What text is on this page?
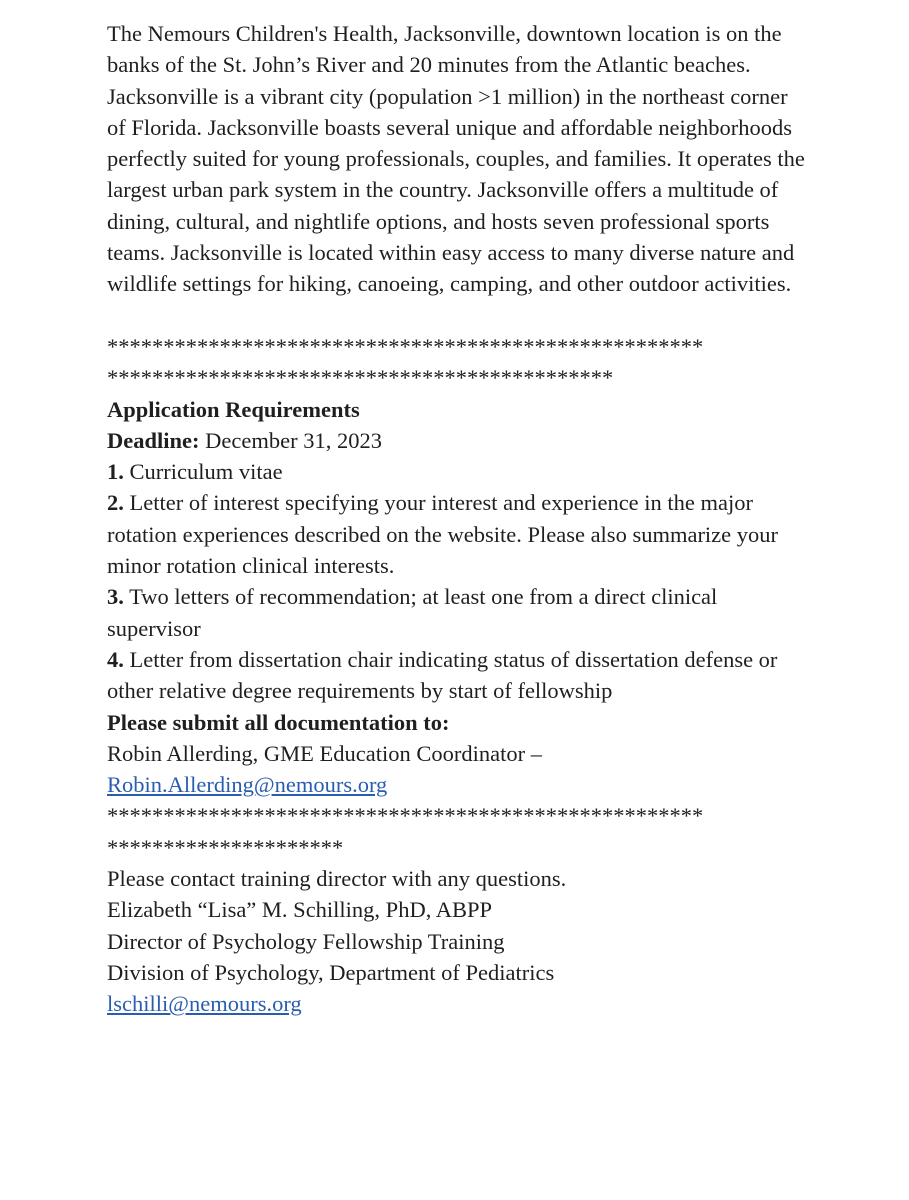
The Nemours Children's Health, Jacksonville, downtown location is on the banks of the St. John’s River and 20 minutes from the Atlantic beaches. Jacksonville is a vibrant city (population >1 million) in the northeast corner of Florida. Jacksonville boasts several unique and affordable neighborhoods perfectly suited for young professionals, couples, and families. It operates the largest urban park system in the country. Jacksonville offers a multitude of dining, cultural, and nightlife options, and hosts seven professional sports teams. Jacksonville is located within easy access to many diverse nature and wildlife settings for hiking, canoeing, camping, and other outdoor activities.

*****************************************************
*********************************************
Application Requirements
Deadline: December 31, 2023
1. Curriculum vitae
2. Letter of interest specifying your interest and experience in the major rotation experiences described on the website. Please also summarize your minor rotation clinical interests.
3. Two letters of recommendation; at least one from a direct clinical supervisor
4. Letter from dissertation chair indicating status of dissertation defense or other relative degree requirements by start of fellowship
Please submit all documentation to:
Robin Allerding, GME Education Coordinator –
Robin.Allerding@nemours.org
*****************************************************
*********************
Please contact training director with any questions.
Elizabeth “Lisa” M. Schilling, PhD, ABPP
Director of Psychology Fellowship Training
Division of Psychology, Department of Pediatrics
lschilli@nemours.org
